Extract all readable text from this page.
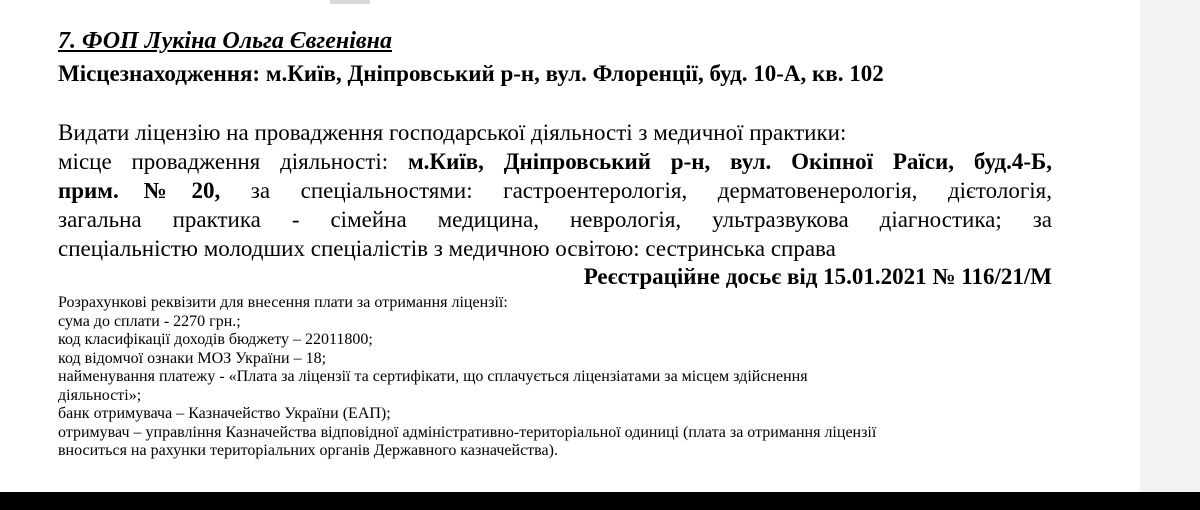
7. ФОП Лукіна Ольга Євгенівна
Місцезнаходження: м.Київ, Дніпровський р-н, вул. Флоренції, буд. 10-А, кв. 102
Видати ліцензію на провадження господарської діяльності з медичної практики:
місце провадження діяльності: м.Київ, Дніпровський р-н, вул. Окіпної Раїси, буд.4-Б,
прим.№20, за спеціальностями: гастроентерологія, дерматовенерологія, дієтологія,
загальна практика - сімейна медицина, неврологія, ультразвукова діагностика; за
спеціальністю молодших спеціалістів з медичною освітою: сестринська справа
Реєстраційне досьє від 15.01.2021 № 116/21/М
Розрахункові реквізити для внесення плати за отримання ліцензії:
сума до сплати - 2270 грн.;
код класифікації доходів бюджету – 22011800;
код відомчої ознаки МОЗ України – 18;
найменування платежу - «Плата за ліцензії та сертифікати, що сплачується ліцензіатами за місцем здійснення
діяльності»;
банк отримувача – Казначейство України (ЕАП);
отримувач – управління Казначейства відповідної адміністративно-територіальної одиниці (плата за отримання ліцензії
вноситься на рахунки територіальних органів Державного казначейства).
